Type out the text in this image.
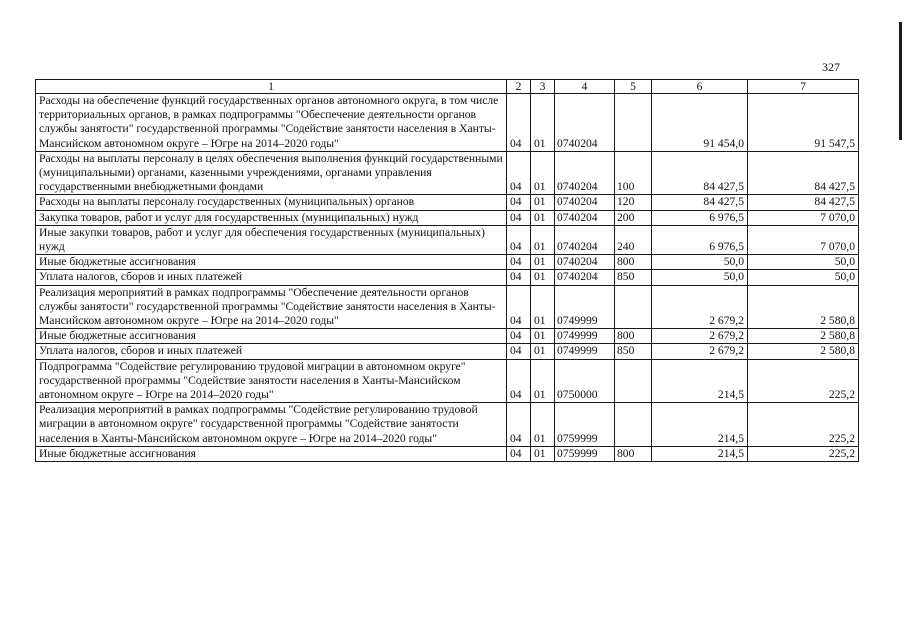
327
1	2	3	4	5	6	7
Расходы на обеспечение функций государственных органов автономного округа, в том числе территориальных органов, в рамках подпрограммы "Обеспечение деятельности органов службы занятости" государственной программы "Содействие занятости населения в Ханты-Мансийском автономном округе – Югре на 2014–2020 годы"	04	01	0740204		91 454,0	91 547,5
Расходы на выплаты персоналу в целях обеспечения выполнения функций государственными (муниципальными) органами, казенными учреждениями, органами управления государственными внебюджетными фондами	04	01	0740204	100	84 427,5	84 427,5
Расходы на выплаты персоналу государственных (муниципальных) органов	04	01	0740204	120	84 427,5	84 427,5
Закупка товаров, работ и услуг для государственных (муниципальных) нужд	04	01	0740204	200	6 976,5	7 070,0
Иные закупки товаров, работ и услуг для обеспечения государственных (муниципальных) нужд	04	01	0740204	240	6 976,5	7 070,0
Иные бюджетные ассигнования	04	01	0740204	800	50,0	50,0
Уплата налогов, сборов и иных платежей	04	01	0740204	850	50,0	50,0
Реализация мероприятий в рамках подпрограммы "Обеспечение деятельности органов службы занятости" государственной программы "Содействие занятости населения в Ханты-Мансийском автономном округе – Югре на 2014–2020 годы"	04	01	0749999		2 679,2	2 580,8
Иные бюджетные ассигнования	04	01	0749999	800	2 679,2	2 580,8
Уплата налогов, сборов и иных платежей	04	01	0749999	850	2 679,2	2 580,8
Подпрограмма "Содействие регулированию трудовой миграции в автономном округе" государственной программы "Содействие занятости населения в Ханты-Мансийском автономном округе – Югре на 2014–2020 годы"	04	01	0750000		214,5	225,2
Реализация мероприятий в рамках подпрограммы "Содействие регулированию трудовой миграции в автономном округе" государственной программы "Содействие занятости населения в Ханты-Мансийском автономном округе – Югре на 2014–2020 годы"	04	01	0759999		214,5	225,2
Иные бюджетные ассигнования	04	01	0759999	800	214,5	225,2
